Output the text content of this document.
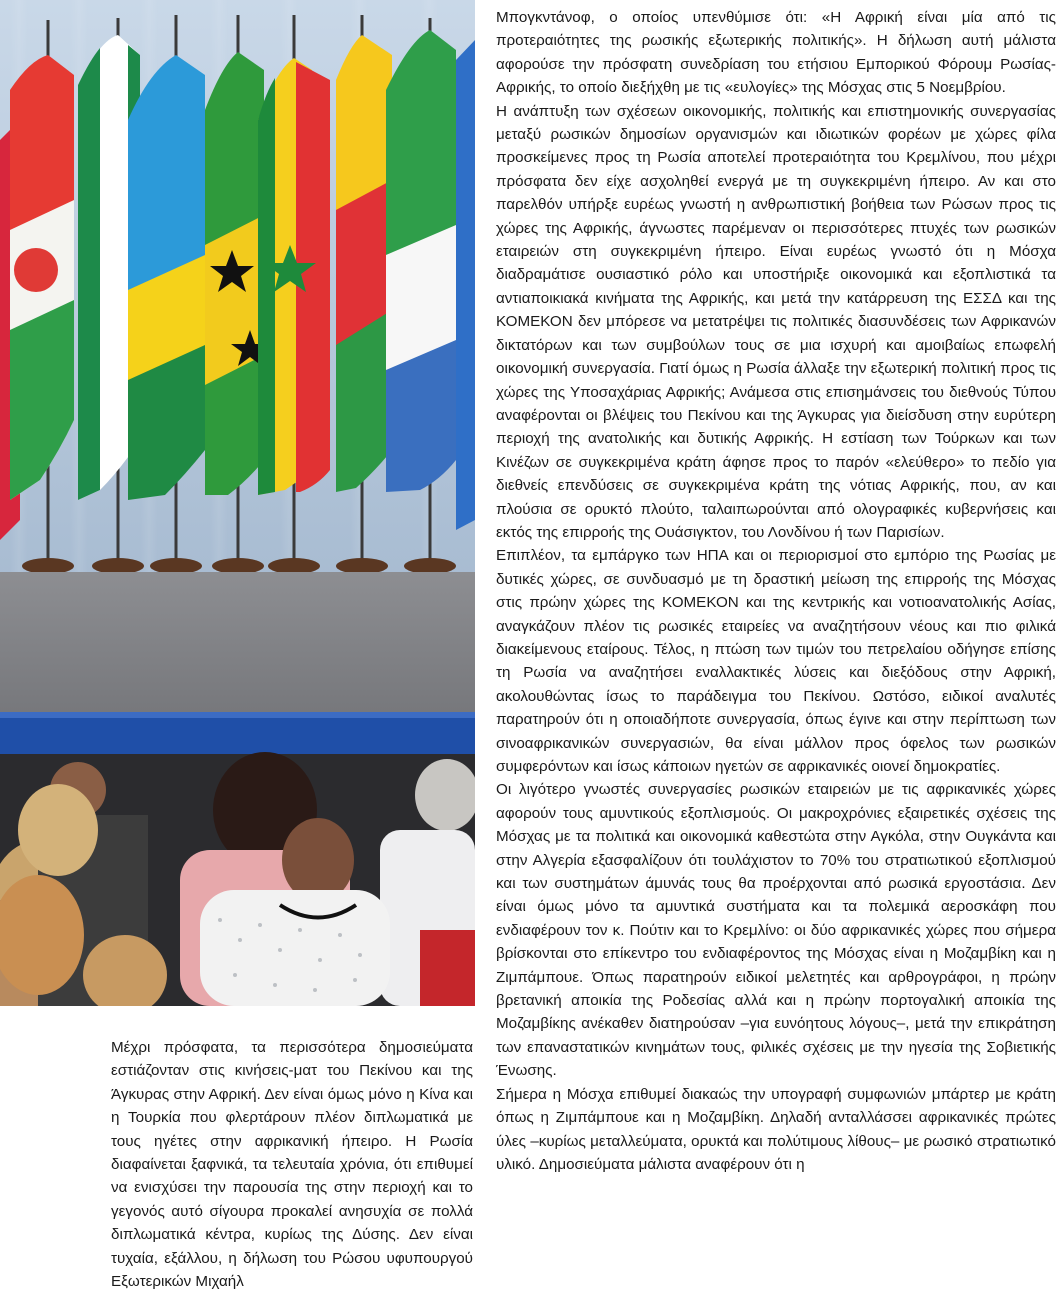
Μέχρι πρόσφατα, τα περισσότερα δημοσιεύματα εστιάζονταν στις κινήσεις-ματ του Πεκίνου και της Άγκυρας στην Αφρική. Δεν είναι όμως μόνο η Κίνα και η Τουρκία που φλερτάρουν πλέον διπλωματικά με τους ηγέτες στην αφρικανική ήπειρο. Η Ρωσία διαφαίνεται ξαφνικά, τα τελευταία χρόνια, ότι επιθυμεί να ενισχύσει την παρουσία της στην περιοχή και το γεγονός αυτό σίγουρα προκαλεί ανησυχία σε πολλά διπλωματικά κέντρα, κυρίως της Δύσης. Δεν είναι τυχαία, εξάλλου, η δήλωση του Ρώσου υφυπουργού Εξωτερικών Μιχαήλ

Μπογκντάνοφ, ο οποίος υπενθύμισε ότι: «Η Αφρική είναι μία από τις προτεραιότητες της ρωσικής εξωτερικής πολιτικής». Η δήλωση αυτή μάλιστα αφορούσε την πρόσφατη συνεδρίαση του ετήσιου Εμπορικού Φόρουμ Ρωσίας-Αφρικής, το οποίο διεξήχθη με τις «ευλογίες» της Μόσχας στις 5 Νοεμβρίου.

Η ανάπτυξη των σχέσεων οικονομικής, πολιτικής και επιστημονικής συνεργασίας μεταξύ ρωσικών δημοσίων οργανισμών και ιδιωτικών φορέων με χώρες φίλα προσκείμενες προς τη Ρωσία αποτελεί προτεραιότητα του Κρεμλίνου, που μέχρι πρόσφατα δεν είχε ασχοληθεί ενεργά με τη συγκεκριμένη ήπειρο. Αν και στο παρελθόν υπήρξε ευρέως γνωστή η ανθρωπιστική βοήθεια των Ρώσων προς τις χώρες της Αφρικής, άγνωστες παρέμεναν οι περισσότερες πτυχές των ρωσικών εταιρειών στη συγκεκριμένη ήπειρο. Είναι ευρέως γνωστό ότι η Μόσχα διαδραμάτισε ουσιαστικό ρόλο και υποστήριξε οικονομικά και εξοπλιστικά τα αντιαποικιακά κινήματα της Αφρικής, και μετά την κατάρρευση της ΕΣΣΔ και της ΚΟΜΕΚΟΝ δεν μπόρεσε να μετατρέψει τις πολιτικές διασυνδέσεις των Αφρικανών δικτατόρων και των συμβούλων τους σε μια ισχυρή και αμοιβαίως επωφελή οικονομική συνεργασία. Γιατί όμως η Ρωσία άλλαξε την εξωτερική πολιτική προς τις χώρες της Υποσαχάριας Αφρικής; Ανάμεσα στις επισημάνσεις του διεθνούς Τύπου αναφέρονται οι βλέψεις του Πεκίνου και της Άγκυρας για διείσδυση στην ευρύτερη περιοχή της ανατολικής και δυτικής Αφρικής. Η εστίαση των Τούρκων και των Κινέζων σε συγκεκριμένα κράτη άφησε προς το παρόν «ελεύθερο» το πεδίο για διεθνείς επενδύσεις σε συγκεκριμένα κράτη της νότιας Αφρικής, που, αν και πλούσια σε ορυκτό πλούτο, ταλαιπωρούνται από ολογραφικές κυβερνήσεις και εκτός της επιρροής της Ουάσιγκτον, του Λονδίνου ή των Παρισίων.

Επιπλέον, τα εμπάργκο των ΗΠΑ και οι περιορισμοί στο εμπόριο της Ρωσίας με δυτικές χώρες, σε συνδυασμό με τη δραστική μείωση της επιρροής της Μόσχας στις πρώην χώρες της ΚΟΜΕΚΟΝ και της κεντρικής και νοτιοανατολικής Ασίας, αναγκάζουν πλέον τις ρωσικές εταιρείες να αναζητήσουν νέους και πιο φιλικά διακείμενους εταίρους. Τέλος, η πτώση των τιμών του πετρελαίου οδήγησε επίσης τη Ρωσία να αναζητήσει εναλλακτικές λύσεις και διεξόδους στην Αφρική, ακολουθώντας ίσως το παράδειγμα του Πεκίνου. Ωστόσο, ειδικοί αναλυτές παρατηρούν ότι η οποιαδήποτε συνεργασία, όπως έγινε και στην περίπτωση των σινοαφρικανικών συνεργασιών, θα είναι μάλλον προς όφελος των ρωσικών συμφερόντων και ίσως κάποιων ηγετών σε αφρικανικές οιονεί δημοκρατίες.

Οι λιγότερο γνωστές συνεργασίες ρωσικών εταιρειών με τις αφρικανικές χώρες αφορούν τους αμυντικούς εξοπλισμούς. Οι μακροχρόνιες εξαιρετικές σχέσεις της Μόσχας με τα πολιτικά και οικονομικά καθεστώτα στην Αγκόλα, στην Ουγκάντα και στην Αλγερία εξασφαλίζουν ότι τουλάχιστον το 70% του στρατιωτικού εξοπλισμού και των συστημάτων άμυνάς τους θα προέρχονται από ρωσικά εργοστάσια. Δεν είναι όμως μόνο τα αμυντικά συστήματα και τα πολεμικά αεροσκάφη που ενδιαφέρουν τον κ. Πούτιν και το Κρεμλίνο: οι δύο αφρικανικές χώρες που σήμερα βρίσκονται στο επίκεντρο του ενδιαφέροντος της Μόσχας είναι η Μοζαμβίκη και η Ζιμπάμπουε. Όπως παρατηρούν ειδικοί μελετητές και αρθρογράφοι, η πρώην βρετανική αποικία της Ροδεσίας αλλά και η πρώην πορτογαλική αποικία της Μοζαμβίκης ανέκαθεν διατηρούσαν –για ευνόητους λόγους–, μετά την επικράτηση των επαναστατικών κινημάτων τους, φιλικές σχέσεις με την ηγεσία της Σοβιετικής Ένωσης.

Σήμερα η Μόσχα επιθυμεί διακαώς την υπογραφή συμφωνιών μπάρτερ με κράτη όπως η Ζιμπάμπουε και η Μοζαμβίκη. Δηλαδή ανταλλάσσει αφρικανικές πρώτες ύλες –κυρίως μεταλλεύματα, ορυκτά και πολύτιμους λίθους– με ρωσικό στρατιωτικό υλικό. Δημοσιεύματα μάλιστα αναφέρουν ότι η
